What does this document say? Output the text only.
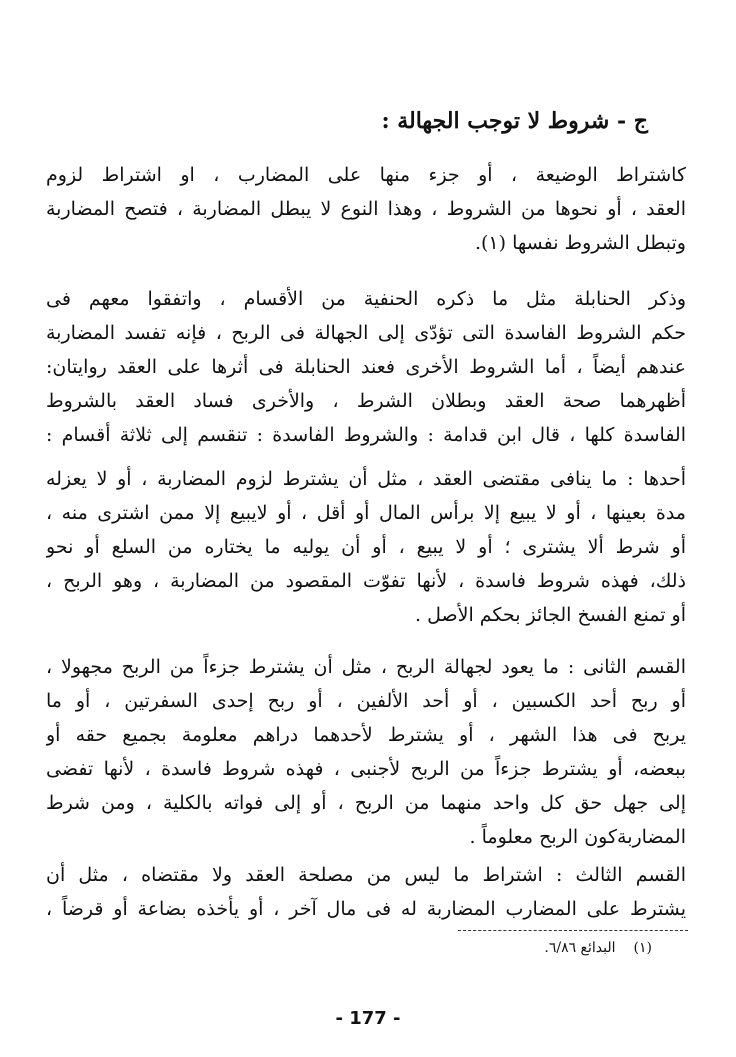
ج - شروط لا توجب الجهالة :
كاشتراط الوضيعة ، أو جزء منها على المضارب ، او اشتراط لزوم
العقد ، أو نحوها من الشروط ، وهذا النوع لا يبطل المضاربة ، فتصح المضاربة
وتبطل الشروط نفسها (١).
وذكر الحنابلة مثل ما ذكره الحنفية من الأقسام ، واتفقوا معهم فى
حكم الشروط الفاسدة التى تؤدّى إلى الجهالة فى الربح ، فإنه تفسد المضاربة
عندهم أيضاً ، أما الشروط الأخرى فعند الحنابلة فى أثرها على العقد روايتان:
أظهرهما صحة العقد وبطلان الشرط ، والأخرى فساد العقد بالشروط
الفاسدة كلها ، قال ابن قدامة : والشروط الفاسدة : تنقسم إلى ثلاثة أقسام :
أحدها : ما ينافى مقتضى العقد ، مثل أن يشترط لزوم المضاربة ، أو لا يعزله
مدة بعينها ، أو لا يبيع إلا برأس المال أو أقل ، أو لايبيع إلا ممن اشترى منه ،
أو شرط ألا يشترى ؛ أو لا يبيع ، أو أن يوليه ما يختاره من السلع أو نحو
ذلك، فهذه شروط فاسدة ، لأنها تفوّت المقصود من المضاربة ، وهو الربح ،
أو تمنع الفسخ الجائز بحكم الأصل .
القسم الثانى : ما يعود لجهالة الربح ، مثل أن يشترط جزءاً من الربح مجهولا ،
أو ربح أحد الكسبين ، أو أحد الألفين ، أو ربح إحدى السفرتين ، أو ما
يربح فى هذا الشهر ، أو يشترط لأحدهما دراهم معلومة بجميع حقه أو
ببعضه، أو يشترط جزءاً من الربح لأجنبى ، فهذه شروط فاسدة ، لأنها تفضى
إلى جهل حق كل واحد منهما من الربح ، أو إلى فواته بالكلية ، ومن شرط
المضاربةكون الربح معلوماً .
القسم الثالث : اشتراط ما ليس من مصلحة العقد ولا مقتضاه ، مثل أن
يشترط على المضارب المضاربة له فى مال آخر ، أو يأخذه بضاعة أو قرضاً ،
(١)البدائع ٦/٨٦.
- 177 -
